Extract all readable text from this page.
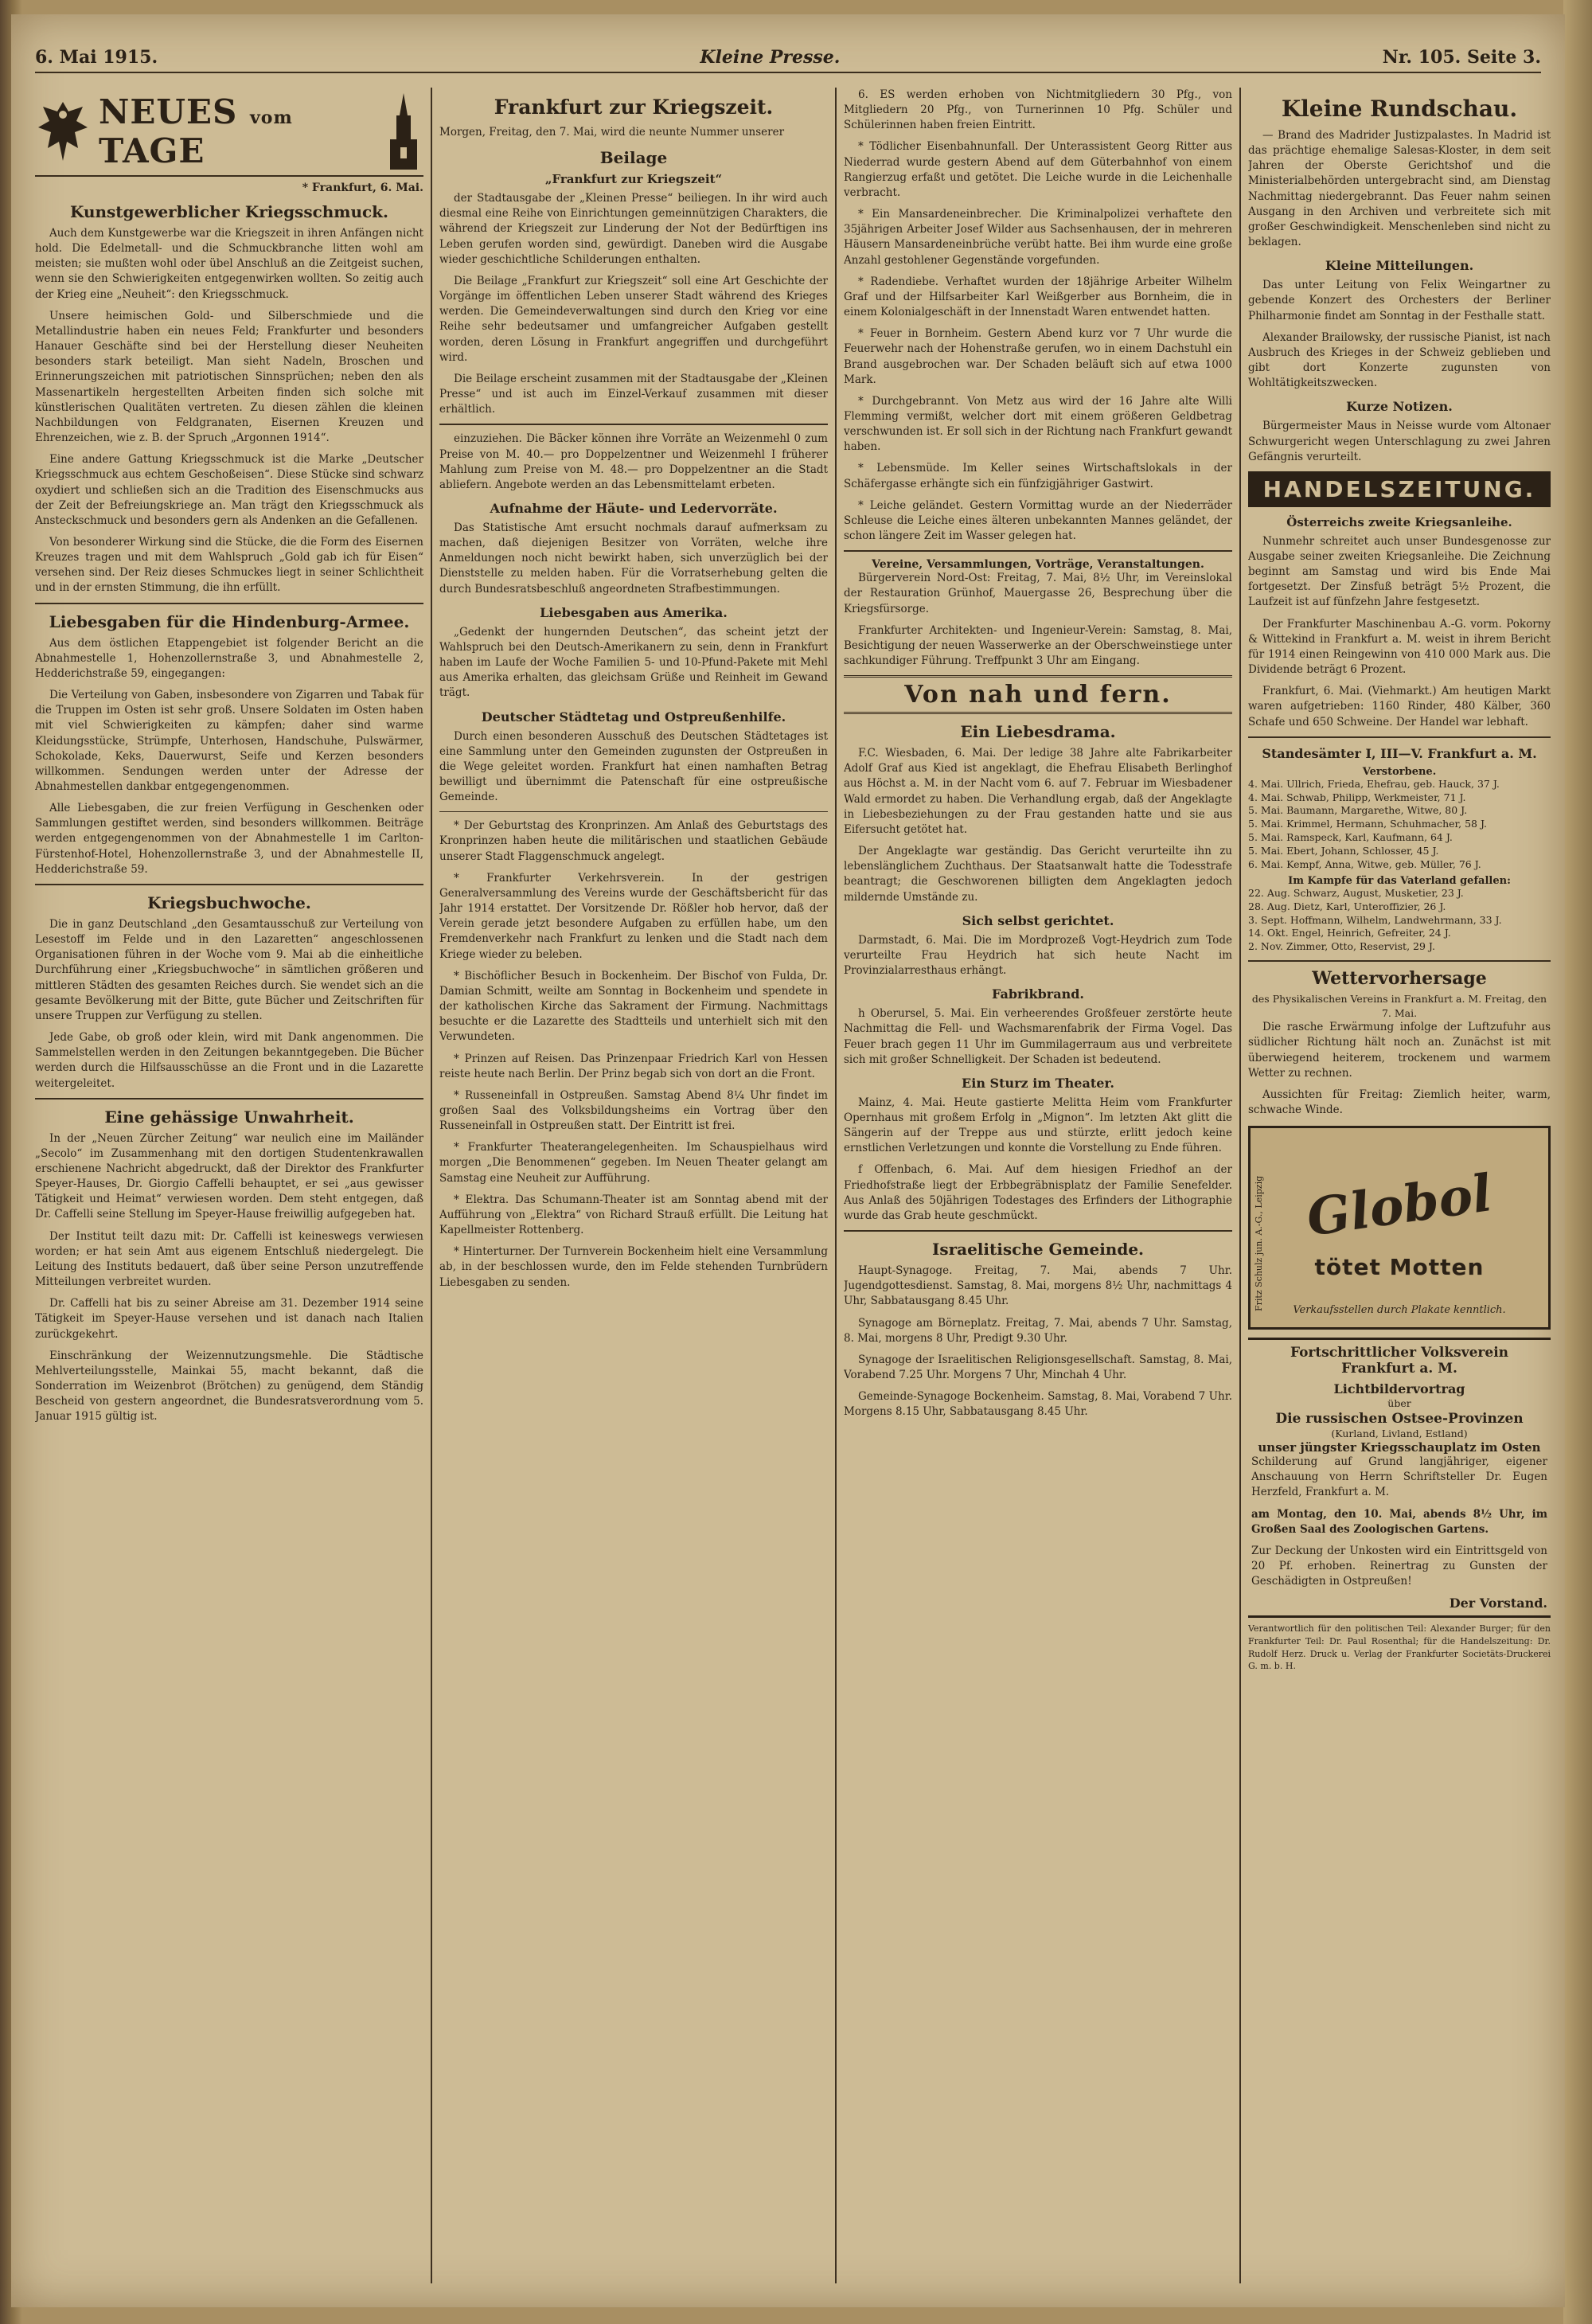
6. Mai 1915.	Kleine Presse.	Nr. 105. Seite 3.
NEUES vom TAGE
* Frankfurt, 6. Mai.
Kunstgewerblicher Kriegsschmuck.

Auch dem Kunstgewerbe war die Kriegszeit in ihren Anfängen nicht hold. Die Edelmetall- und die Schmuckbranche litten wohl am meisten; sie mußten wohl oder übel Anschluß an die Zeitgeist suchen, wenn sie den Schwierigkeiten entgegenwirken wollten. So zeitig auch der Krieg eine „Neuheit“: den Kriegsschmuck.

Unsere heimischen Gold- und Silberschmiede und die Metallindustrie haben ein neues Feld; Frankfurter und besonders Hanauer Geschäfte sind bei der Herstellung dieser Neuheiten besonders stark beteiligt. Man sieht Nadeln, Broschen und Erinnerungszeichen mit patriotischen Sinnsprüchen; neben den als Massenartikeln hergestellten Arbeiten finden sich solche mit künstlerischen Qualitäten vertreten. Zu diesen zählen die kleinen Nachbildungen von Feldgranaten, Eisernen Kreuzen und Ehrenzeichen, wie z. B. der Spruch „Argonnen 1914“.

Eine andere Gattung Kriegsschmuck ist die Marke „Deutscher Kriegsschmuck aus echtem Geschoßeisen“. Diese Stücke sind schwarz oxydiert und schließen sich an die Tradition des Eisenschmucks aus der Zeit der Befreiungskriege an. Man trägt den Kriegsschmuck als Ansteckschmuck und besonders gern als Andenken an die Gefallenen.

Von besonderer Wirkung sind die Stücke, die die Form des Eisernen Kreuzes tragen und mit dem Wahlspruch „Gold gab ich für Eisen“ versehen sind. Der Reiz dieses Schmuckes liegt in seiner Schlichtheit und in der ernsten Stimmung, die ihn erfüllt.

Liebesgaben für die Hindenburg-Armee.

Aus dem östlichen Etappengebiet ist folgender Bericht an die Abnahmestelle 1, Hohenzollernstraße 3, und Abnahmestelle 2, Hedderichstraße 59, eingegangen:

Die Verteilung von Gaben, insbesondere von Zigarren und Tabak für die Truppen im Osten ist sehr groß. Unsere Soldaten im Osten haben mit viel Schwierigkeiten zu kämpfen; daher sind warme Kleidungsstücke, Strümpfe, Unterhosen, Handschuhe, Pulswärmer, Schokolade, Keks, Dauerwurst, Seife und Kerzen besonders willkommen. Sendungen werden unter der Adresse der Abnahmestellen dankbar entgegengenommen.

Alle Liebesgaben, die zur freien Verfügung in Geschenken oder Sammlungen gestiftet werden, sind besonders willkommen. Beiträge werden entgegengenommen von der Abnahmestelle 1 im Carlton-Fürstenhof-Hotel, Hohenzollernstraße 3, und der Abnahmestelle II, Hedderichstraße 59.

Kriegsbuchwoche.

Die in ganz Deutschland „den Gesamtausschuß zur Verteilung von Lesestoff im Felde und in den Lazaretten“ angeschlossenen Organisationen führen in der Woche vom 9. Mai ab die einheitliche Durchführung einer „Kriegsbuchwoche“ in sämtlichen größeren und mittleren Städten des gesamten Reiches durch. Sie wendet sich an die gesamte Bevölkerung mit der Bitte, gute Bücher und Zeitschriften für unsere Truppen zur Verfügung zu stellen.

Jede Gabe, ob groß oder klein, wird mit Dank angenommen. Die Sammelstellen werden in den Zeitungen bekanntgegeben. Die Bücher werden durch die Hilfsausschüsse an die Front und in die Lazarette weitergeleitet.

Eine gehässige Unwahrheit.

In der „Neuen Zürcher Zeitung“ war neulich eine im Mailänder „Secolo“ im Zusammenhang mit den dortigen Studentenkrawallen erschienene Nachricht abgedruckt, daß der Direktor des Frankfurter Speyer-Hauses, Dr. Giorgio Caffelli behauptet, er sei „aus gewisser Tätigkeit und Heimat“ verwiesen worden. Dem steht entgegen, daß Dr. Caffelli seine Stellung im Speyer-Hause freiwillig aufgegeben hat.

Der Institut teilt dazu mit: Dr. Caffelli ist keineswegs verwiesen worden; er hat sein Amt aus eigenem Entschluß niedergelegt. Die Leitung des Instituts bedauert, daß über seine Person unzutreffende Mitteilungen verbreitet wurden.

Dr. Caffelli hat bis zu seiner Abreise am 31. Dezember 1914 seine Tätigkeit im Speyer-Hause versehen und ist danach nach Italien zurückgekehrt.

Einschränkung der Weizennutzungsmehle. Die Städtische Mehlverteilungsstelle, Mainkai 55, macht bekannt, daß die Sonderration im Weizenbrot (Brötchen) zu genügend, dem Ständig Bescheid von gestern angeordnet, die Bundesratsverordnung vom 5. Januar 1915 gültig ist.

Frankfurt zur Kriegszeit.

Morgen, Freitag, den 7. Mai, wird die neunte Nummer unserer

Beilage
„Frankfurt zur Kriegszeit“

der Stadtausgabe der „Kleinen Presse“ beiliegen. In ihr wird auch diesmal eine Reihe von Einrichtungen gemeinnützigen Charakters, die während der Kriegszeit zur Linderung der Not der Bedürftigen ins Leben gerufen worden sind, gewürdigt. Daneben wird die Ausgabe wieder geschichtliche Schilderungen enthalten.

Die Beilage „Frankfurt zur Kriegszeit“ soll eine Art Geschichte der Vorgänge im öffentlichen Leben unserer Stadt während des Krieges werden. Die Gemeindeverwaltungen sind durch den Krieg vor eine Reihe sehr bedeutsamer und umfangreicher Aufgaben gestellt worden, deren Lösung in Frankfurt angegriffen und durchgeführt wird.

Die Beilage erscheint zusammen mit der Stadtausgabe der „Kleinen Presse“ und ist auch im Einzel-Verkauf zusammen mit dieser erhältlich.

einzuziehen. Die Bäcker können ihre Vorräte an Weizenmehl 0 zum Preise von M. 40.— pro Doppelzentner und Weizenmehl I früherer Mahlung zum Preise von M. 48.— pro Doppelzentner an die Stadt abliefern. Angebote werden an das Lebensmittelamt erbeten.

Aufnahme der Häute- und Ledervorräte.

Das Statistische Amt ersucht nochmals darauf aufmerksam zu machen, daß diejenigen Besitzer von Vorräten, welche ihre Anmeldungen noch nicht bewirkt haben, sich unverzüglich bei der Dienststelle zu melden haben. Für die Vorratserhebung gelten die durch Bundesratsbeschluß angeordneten Strafbestimmungen.

Liebesgaben aus Amerika.

„Gedenkt der hungernden Deutschen“, das scheint jetzt der Wahlspruch bei den Deutsch-Amerikanern zu sein, denn in Frankfurt haben im Laufe der Woche Familien 5- und 10-Pfund-Pakete mit Mehl aus Amerika erhalten, das gleichsam Grüße und Reinheit im Gewand trägt.

Deutscher Städtetag und Ostpreußenhilfe.

Durch einen besonderen Ausschuß des Deutschen Städtetages ist eine Sammlung unter den Gemeinden zugunsten der Ostpreußen in die Wege geleitet worden. Frankfurt hat einen namhaften Betrag bewilligt und übernimmt die Patenschaft für eine ostpreußische Gemeinde.

* Der Geburtstag des Kronprinzen. Am Anlaß des Geburtstags des Kronprinzen haben heute die militärischen und staatlichen Gebäude unserer Stadt Flaggenschmuck angelegt.

* Frankfurter Verkehrsverein. In der gestrigen Generalversammlung des Vereins wurde der Geschäftsbericht für das Jahr 1914 erstattet. Der Vorsitzende Dr. Rößler hob hervor, daß der Verein gerade jetzt besondere Aufgaben zu erfüllen habe, um den Fremdenverkehr nach Frankfurt zu lenken und die Stadt nach dem Kriege wieder zu beleben.

* Bischöflicher Besuch in Bockenheim. Der Bischof von Fulda, Dr. Damian Schmitt, weilte am Sonntag in Bockenheim und spendete in der katholischen Kirche das Sakrament der Firmung. Nachmittags besuchte er die Lazarette des Stadtteils und unterhielt sich mit den Verwundeten.

* Prinzen auf Reisen. Das Prinzenpaar Friedrich Karl von Hessen reiste heute nach Berlin. Der Prinz begab sich von dort an die Front.

* Russeneinfall in Ostpreußen. Samstag Abend 8¼ Uhr findet im großen Saal des Volksbildungsheims ein Vortrag über den Russeneinfall in Ostpreußen statt. Der Eintritt ist frei.

* Frankfurter Theaterangelegenheiten. Im Schauspielhaus wird morgen „Die Benommenen“ gegeben. Im Neuen Theater gelangt am Samstag eine Neuheit zur Aufführung.

* Elektra. Das Schumann-Theater ist am Sonntag abend mit der Aufführung von „Elektra“ von Richard Strauß erfüllt. Die Leitung hat Kapellmeister Rottenberg.

* Hinterturner. Der Turnverein Bockenheim hielt eine Versammlung ab, in der beschlossen wurde, den im Felde stehenden Turnbrüdern Liebesgaben zu senden.

6. ES werden erhoben von Nichtmitgliedern 30 Pfg., von Mitgliedern 20 Pfg., von Turnerinnen 10 Pfg. Schüler und Schülerinnen haben freien Eintritt.

* Tödlicher Eisenbahnunfall. Der Unterassistent Georg Ritter aus Niederrad wurde gestern Abend auf dem Güterbahnhof von einem Rangierzug erfaßt und getötet. Die Leiche wurde in die Leichenhalle verbracht.

* Ein Mansardeneinbrecher. Die Kriminalpolizei verhaftete den 35jährigen Arbeiter Josef Wilder aus Sachsenhausen, der in mehreren Häusern Mansardeneinbrüche verübt hatte. Bei ihm wurde eine große Anzahl gestohlener Gegenstände vorgefunden.

* Radendiebe. Verhaftet wurden der 18jährige Arbeiter Wilhelm Graf und der Hilfsarbeiter Karl Weißgerber aus Bornheim, die in einem Kolonialgeschäft in der Innenstadt Waren entwendet hatten.

* Feuer in Bornheim. Gestern Abend kurz vor 7 Uhr wurde die Feuerwehr nach der Hohenstraße gerufen, wo in einem Dachstuhl ein Brand ausgebrochen war. Der Schaden beläuft sich auf etwa 1000 Mark.

* Durchgebrannt. Von Metz aus wird der 16 Jahre alte Willi Flemming vermißt, welcher dort mit einem größeren Geldbetrag verschwunden ist. Er soll sich in der Richtung nach Frankfurt gewandt haben.

* Lebensmüde. Im Keller seines Wirtschaftslokals in der Schäfergasse erhängte sich ein fünfzigjähriger Gastwirt.

* Leiche geländet. Gestern Vormittag wurde an der Niederräder Schleuse die Leiche eines älteren unbekannten Mannes geländet, der schon längere Zeit im Wasser gelegen hat.

Vereine, Versammlungen, Vorträge, Veranstaltungen.

Bürgerverein Nord-Ost: Freitag, 7. Mai, 8½ Uhr, im Vereinslokal der Restauration Grünhof, Mauergasse 26, Besprechung über die Kriegsfürsorge.

Frankfurter Architekten- und Ingenieur-Verein: Samstag, 8. Mai, Besichtigung der neuen Wasserwerke an der Oberschweinstiege unter sachkundiger Führung. Treffpunkt 3 Uhr am Eingang.

Von nah und fern.
Ein Liebesdrama.

F.C. Wiesbaden, 6. Mai. Der ledige 38 Jahre alte Fabrikarbeiter Adolf Graf aus Kied ist angeklagt, die Ehefrau Elisabeth Berlinghof aus Höchst a. M. in der Nacht vom 6. auf 7. Februar im Wiesbadener Wald ermordet zu haben. Die Verhandlung ergab, daß der Angeklagte in Liebesbeziehungen zu der Frau gestanden hatte und sie aus Eifersucht getötet hat.

Der Angeklagte war geständig. Das Gericht verurteilte ihn zu lebenslänglichem Zuchthaus. Der Staatsanwalt hatte die Todesstrafe beantragt; die Geschworenen billigten dem Angeklagten jedoch mildernde Umstände zu.

Sich selbst gerichtet.

Darmstadt, 6. Mai. Die im Mordprozeß Vogt-Heydrich zum Tode verurteilte Frau Heydrich hat sich heute Nacht im Provinzialarresthaus erhängt.

Fabrikbrand.

h Oberursel, 5. Mai. Ein verheerendes Großfeuer zerstörte heute Nachmittag die Fell- und Wachsmarenfabrik der Firma Vogel. Das Feuer brach gegen 11 Uhr im Gummilagerraum aus und verbreitete sich mit großer Schnelligkeit. Der Schaden ist bedeutend.

Ein Sturz im Theater.

Mainz, 4. Mai. Heute gastierte Melitta Heim vom Frankfurter Opernhaus mit großem Erfolg in „Mignon“. Im letzten Akt glitt die Sängerin auf der Treppe aus und stürzte, erlitt jedoch keine ernstlichen Verletzungen und konnte die Vorstellung zu Ende führen.

f Offenbach, 6. Mai. Auf dem hiesigen Friedhof an der Friedhofstraße liegt der Erbbegräbnisplatz der Familie Senefelder. Aus Anlaß des 50jährigen Todestages des Erfinders der Lithographie wurde das Grab heute geschmückt.

Israelitische Gemeinde.

Haupt-Synagoge. Freitag, 7. Mai, abends 7 Uhr. Jugendgottesdienst. Samstag, 8. Mai, morgens 8½ Uhr, nachmittags 4 Uhr, Sabbatausgang 8.45 Uhr.

Synagoge am Börneplatz. Freitag, 7. Mai, abends 7 Uhr. Samstag, 8. Mai, morgens 8 Uhr, Predigt 9.30 Uhr.

Synagoge der Israelitischen Religionsgesellschaft. Samstag, 8. Mai, Vorabend 7.25 Uhr. Morgens 7 Uhr, Minchah 4 Uhr.

Gemeinde-Synagoge Bockenheim. Samstag, 8. Mai, Vorabend 7 Uhr. Morgens 8.15 Uhr, Sabbatausgang 8.45 Uhr.

Kleine Rundschau.

— Brand des Madrider Justizpalastes. In Madrid ist das prächtige ehemalige Salesas-Kloster, in dem seit Jahren der Oberste Gerichtshof und die Ministerialbehörden untergebracht sind, am Dienstag Nachmittag niedergebrannt. Das Feuer nahm seinen Ausgang in den Archiven und verbreitete sich mit großer Geschwindigkeit. Menschenleben sind nicht zu beklagen.

Kleine Mitteilungen.

Das unter Leitung von Felix Weingartner zu gebende Konzert des Orchesters der Berliner Philharmonie findet am Sonntag in der Festhalle statt.

Alexander Brailowsky, der russische Pianist, ist nach Ausbruch des Krieges in der Schweiz geblieben und gibt dort Konzerte zugunsten von Wohltätigkeitszwecken.

Kurze Notizen.

Bürgermeister Maus in Neisse wurde vom Altonaer Schwurgericht wegen Unterschlagung zu zwei Jahren Gefängnis verurteilt.

HANDELSZEITUNG.
Österreichs zweite Kriegsanleihe.

Nunmehr schreitet auch unser Bundesgenosse zur Ausgabe seiner zweiten Kriegsanleihe. Die Zeichnung beginnt am Samstag und wird bis Ende Mai fortgesetzt. Der Zinsfuß beträgt 5½ Prozent, die Laufzeit ist auf fünfzehn Jahre festgesetzt.

Der Frankfurter Maschinenbau A.-G. vorm. Pokorny & Wittekind in Frankfurt a. M. weist in ihrem Bericht für 1914 einen Reingewinn von 410 000 Mark aus. Die Dividende beträgt 6 Prozent.

Frankfurt, 6. Mai. (Viehmarkt.) Am heutigen Markt waren aufgetrieben: 1160 Rinder, 480 Kälber, 360 Schafe und 650 Schweine. Der Handel war lebhaft.

Standesämter I, III—V. Frankfurt a. M.
Verstorbene.

4. Mai. Ullrich, Frieda, Ehefrau, geb. Hauck, 37 J.

4. Mai. Schwab, Philipp, Werkmeister, 71 J.

5. Mai. Baumann, Margarethe, Witwe, 80 J.

5. Mai. Krimmel, Hermann, Schuhmacher, 58 J.

5. Mai. Ramspeck, Karl, Kaufmann, 64 J.

5. Mai. Ebert, Johann, Schlosser, 45 J.

6. Mai. Kempf, Anna, Witwe, geb. Müller, 76 J.

Im Kampfe für das Vaterland gefallen:

22. Aug. Schwarz, August, Musketier, 23 J.

28. Aug. Dietz, Karl, Unteroffizier, 26 J.

3. Sept. Hoffmann, Wilhelm, Landwehrmann, 33 J.

14. Okt. Engel, Heinrich, Gefreiter, 24 J.

2. Nov. Zimmer, Otto, Reservist, 29 J.

Wettervorhersage
des Physikalischen Vereins in Frankfurt a. M. Freitag, den 7. Mai.

Die rasche Erwärmung infolge der Luftzufuhr aus südlicher Richtung hält noch an. Zunächst ist mit überwiegend heiterem, trockenem und warmem Wetter zu rechnen.

Aussichten für Freitag: Ziemlich heiter, warm, schwache Winde.

Fritz Schulz jun. A.-G., Leipzig Globol
tötet Motten
Verkaufsstellen durch Plakate kenntlich.
Fortschrittlicher Volksverein Frankfurt a. M.
Lichtbildervortrag
über
Die russischen Ostsee-Provinzen
(Kurland, Livland, Estland)
unser jüngster Kriegsschauplatz im Osten

Schilderung auf Grund langjähriger, eigener Anschauung von Herrn Schriftsteller Dr. Eugen Herzfeld, Frankfurt a. M.

am Montag, den 10. Mai, abends 8½ Uhr, im Großen Saal des Zoologischen Gartens.

Zur Deckung der Unkosten wird ein Eintrittsgeld von 20 Pf. erhoben. Reinertrag zu Gunsten der Geschädigten in Ostpreußen!

Der Vorstand.

Verantwortlich für den politischen Teil: Alexander Burger; für den Frankfurter Teil: Dr. Paul Rosenthal; für die Handelszeitung: Dr. Rudolf Herz. Druck u. Verlag der Frankfurter Societäts-Druckerei G. m. b. H.
